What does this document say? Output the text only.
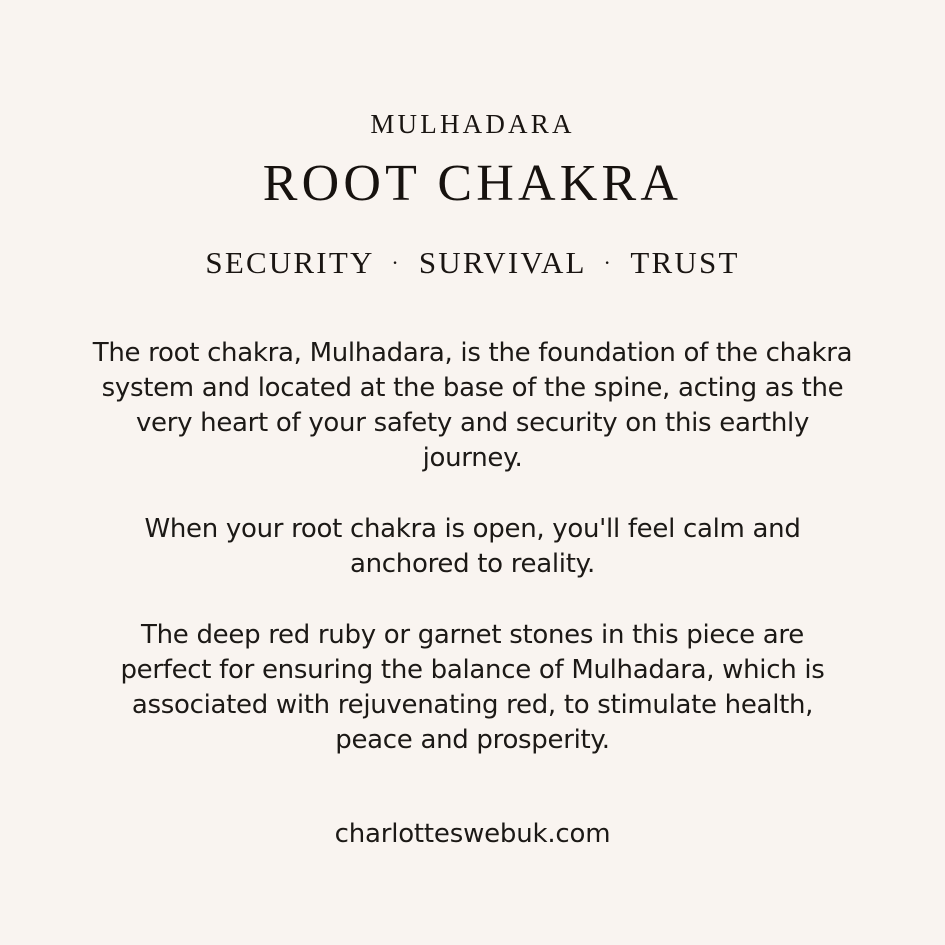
MULHADARA
ROOT CHAKRA
SECURITY · SURVIVAL · TRUST

The root chakra, Mulhadara, is the foundation of the chakra system and located at the base of the spine, acting as the very heart of your safety and security on this earthly journey.

When your root chakra is open, you'll feel calm and anchored to reality.

The deep red ruby or garnet stones in this piece are perfect for ensuring the balance of Mulhadara, which is associated with rejuvenating red, to stimulate health, peace and prosperity.

charlotteswebuk.com
